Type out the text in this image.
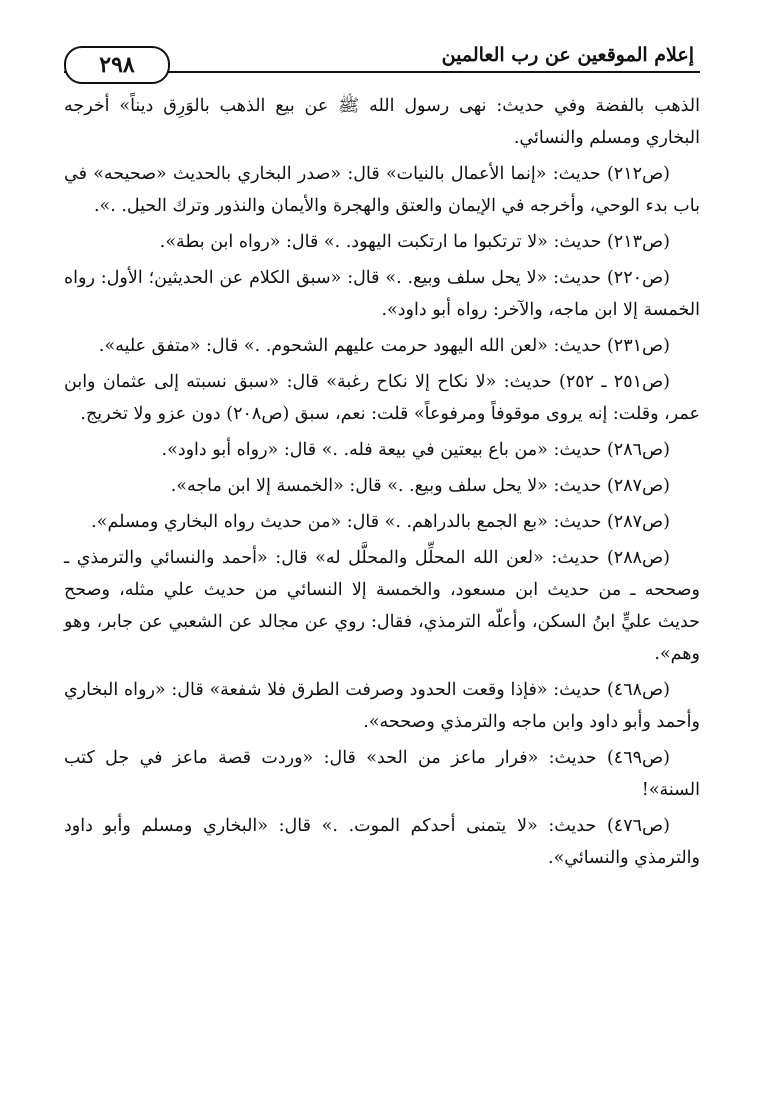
٢٩٨	إعلام الموقعين عن رب العالمين

الذهب بالفضة وفي حديث: نهى رسول الله ﷺ عن بيع الذهب بالوَرِق ديناً» أخرجه البخاري ومسلم والنسائي.

(ص٢١٢) حديث: «إنما الأعمال بالنيات» قال: «صدر البخاري بالحديث «صحيحه» في باب بدء الوحي، وأخرجه في الإيمان والعتق والهجرة والأيمان والنذور وترك الحيل. .».

(ص٢١٣) حديث: «لا ترتكبوا ما ارتكبت اليهود. .» قال: «رواه ابن بطة».

(ص٢٢٠) حديث: «لا يحل سلف وبيع. .» قال: «سبق الكلام عن الحديثين؛ الأول: رواه الخمسة إلا ابن ماجه، والآخر: رواه أبو داود».

(ص٢٣١) حديث: «لعن الله اليهود حرمت عليهم الشحوم. .» قال: «متفق عليه».

(ص٢٥١ ـ ٢٥٢) حديث: «لا نكاح إلا نكاح رغبة» قال: «سبق نسبته إلى عثمان وابن عمر، وقلت: إنه يروى موقوفاً ومرفوعاً» قلت: نعم، سبق (ص٢٠٨) دون عزو ولا تخريج.

(ص٢٨٦) حديث: «من باع بيعتين في بيعة فله. .» قال: «رواه أبو داود».

(ص٢٨٧) حديث: «لا يحل سلف وبيع. .» قال: «الخمسة إلا ابن ماجه».

(ص٢٨٧) حديث: «بع الجمع بالدراهم. .» قال: «من حديث رواه البخاري ومسلم».

(ص٢٨٨) حديث: «لعن الله المحلِّل والمحلَّل له» قال: «أحمد والنسائي والترمذي ـ وصححه ـ من حديث ابن مسعود، والخمسة إلا النسائي من حديث علي مثله، وصحح حديث عليٍّ ابنُ السكن، وأعلّه الترمذي، فقال: روي عن مجالد عن الشعبي عن جابر، وهو وهم».

(ص٤٦٨) حديث: «فإذا وقعت الحدود وصرفت الطرق فلا شفعة» قال: «رواه البخاري وأحمد وأبو داود وابن ماجه والترمذي وصححه».

(ص٤٦٩) حديث: «فرار ماعز من الحد» قال: «وردت قصة ماعز في جل كتب السنة»!

(ص٤٧٦) حديث: «لا يتمنى أحدكم الموت. .» قال: «البخاري ومسلم وأبو داود والترمذي والنسائي».
